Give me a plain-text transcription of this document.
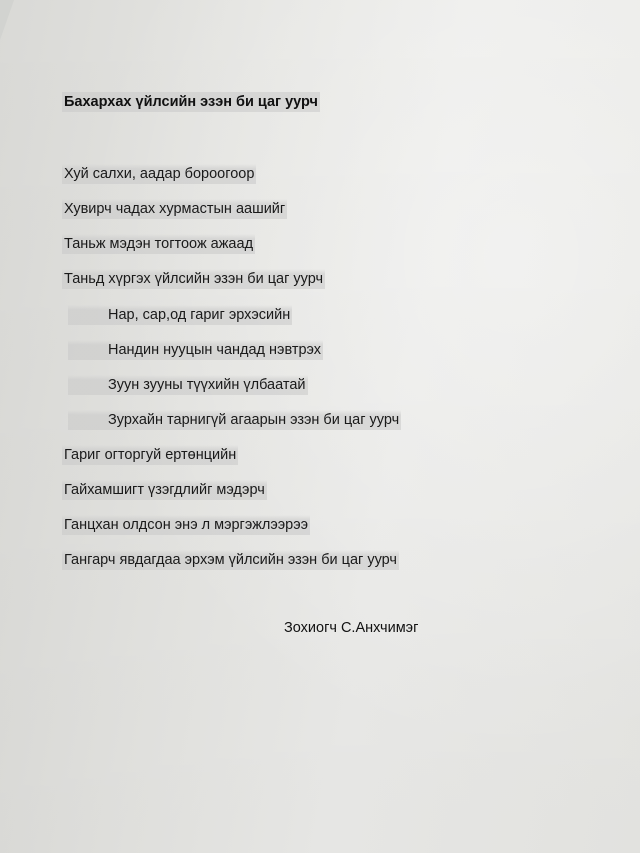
Бахархах үйлсийн эзэн би цаг уурч
Хуй салхи, аадар бороогоор
Хувирч чадах хурмастын аашийг
Таньж мэдэн тогтоож ажаад
Таньд хүргэх үйлсийн эзэн би цаг уурч
Нар, сар,од гариг эрхэсийн
Нандин нууцын чандад нэвтрэх
Зуун зууны түүхийн үлбаатай
Зурхайн тарнигүй агаарын эзэн би цаг уурч
Гариг огторгуй ертөнцийн
Гайхамшигт үзэгдлийг мэдэрч
Ганцхан олдсон энэ л мэргэжлээрээ
Гангарч явдагдаа эрхэм үйлсийн эзэн би цаг уурч
Зохиогч С.Анхчимэг
